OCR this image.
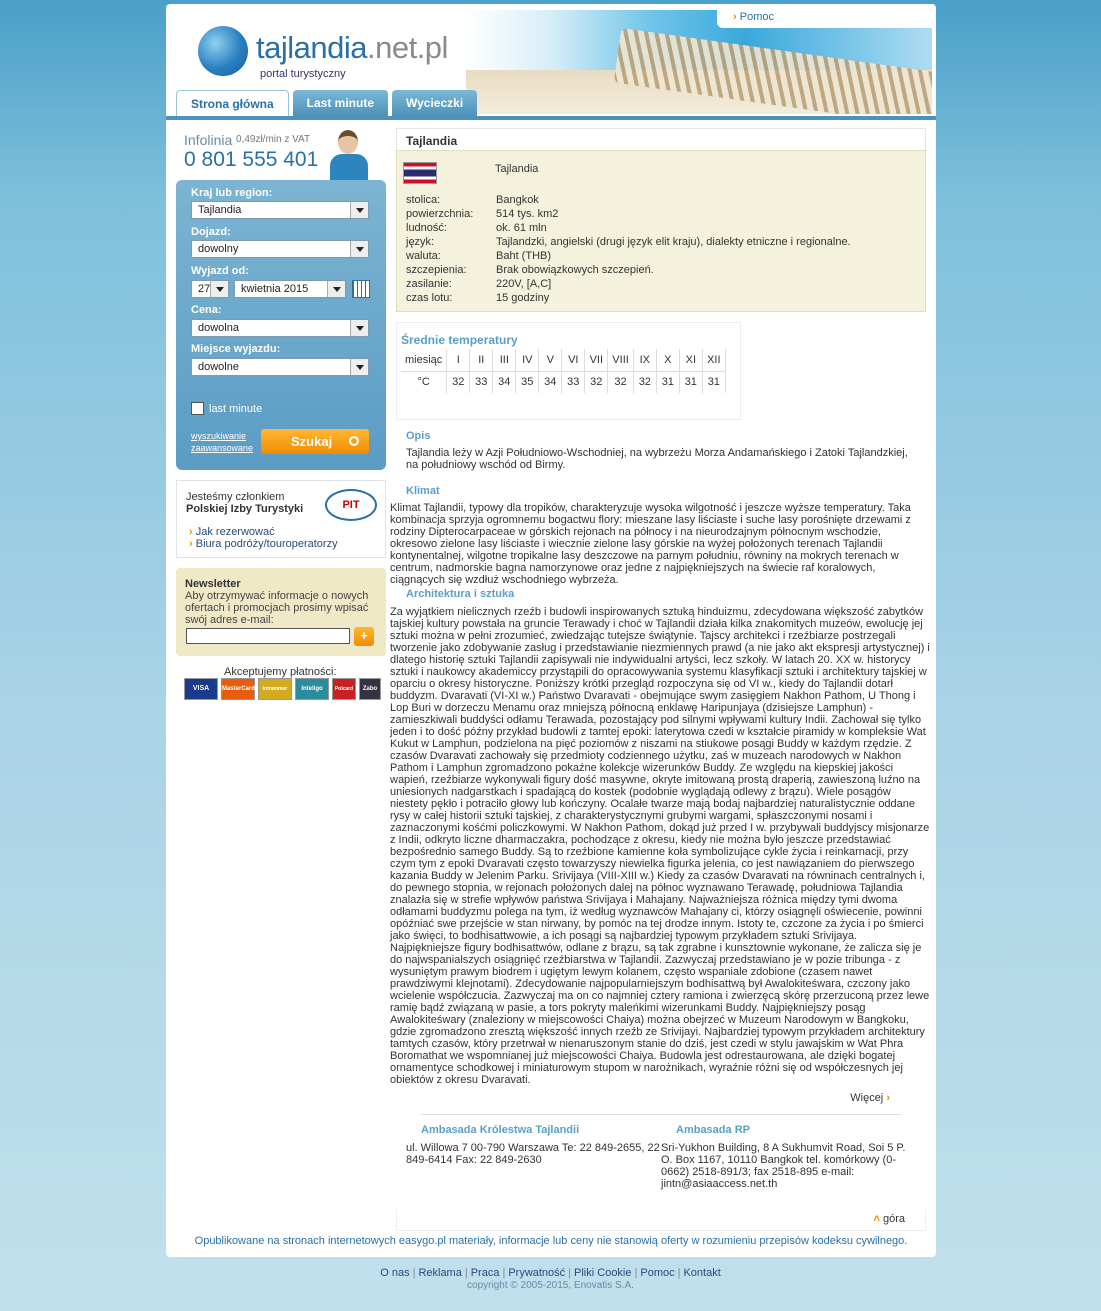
tajlandia.net.pl
portal turystyczny
› Pomoc
Strona główna	Last minute	Wycieczki
Infolinia 0,49zł/min z VAT
0 801 555 401
Kraj lub region:
Tajlandia
Dojazd:
dowolny
Wyjazd od:
27	kwietnia 2015
Cena:
dowolna
Miejsce wyjazdu:
dowolne
last minute
wyszukiwanie zaawansowane	Szukaj
Jesteśmy członkiem
Polskiej Izby Turystyki	PIT
› Jak rezerwować
› Biura podróży/touroperatorzy
Newsletter
Aby otrzymywać informacje o nowych ofertach i promocjach prosimy wpisać swój adres e-mail:
+
Akceptujemy płatności:
VISA	MasterCard	Intrammer	Inteligo	Polcard	Zabo
Tajlandia
Tajlandia
stolica:	Bangkok
powierzchnia:	514 tys. km2
ludność:	ok. 61 mln
język:	Tajlandzki, angielski (drugi język elit kraju), dialekty etniczne i regionalne.
waluta:	Baht (THB)
szczepienia:	Brak obowiązkowych szczepień.
zasilanie:	220V, [A,C]
czas lotu:	15 godziny
Średnie temperatury
miesiąc	I	II	III	IV	V	VI	VII	VIII	IX	X	XI	XII
°C	32	33	34	35	34	33	32	32	32	31	31	31
Opis
Tajlandia leży w Azji Południowo-Wschodniej, na wybrzeżu Morza Andamańskiego i Zatoki Tajlandzkiej, na południowy wschód od Birmy.
Klimat
Klimat Tajlandii, typowy dla tropików, charakteryzuje wysoka wilgotność i jeszcze wyższe temperatury. Taka kombinacja sprzyja ogromnemu bogactwu flory: mieszane lasy liściaste i suche lasy porośnięte drzewami z rodziny Dipterocarpaceae w górskich rejonach na północy i na nieurodzajnym północnym wschodzie, okresowo zielone lasy liściaste i wiecznie zielone lasy górskie na wyżej położonych terenach Tajlandii kontynentalnej, wilgotne tropikalne lasy deszczowe na parnym południu, równiny na mokrych terenach w centrum, nadmorskie bagna namorzynowe oraz jedne z najpiękniejszych na świecie raf koralowych, ciągnących się wzdłuż wschodniego wybrzeża.
Architektura i sztuka
Za wyjątkiem nielicznych rzeźb i budowli inspirowanych sztuką hinduizmu, zdecydowana większość zabytków tajskiej kultury powstała na gruncie Terawady i choć w Tajlandii działa kilka znakomitych muzeów, ewolucję jej sztuki można w pełni zrozumieć, zwiedzając tutejsze świątynie. Tajscy architekci i rzeźbiarze postrzegali tworzenie jako zdobywanie zasług i przedstawianie niezmiennych prawd (a nie jako akt ekspresji artystycznej) i dlatego historię sztuki Tajlandii zapisywali nie indywidualni artyści, lecz szkoły. W latach 20. XX w. historycy sztuki i naukowcy akademiccy przystąpili do opracowywania systemu klasyfikacji sztuki i architektury tajskiej w oparciu o okresy historyczne. Poniższy krótki przegląd rozpoczyna się od VI w., kiedy do Tajlandii dotarł buddyzm. Dvaravati (VI-XI w.) Państwo Dvaravati - obejmujące swym zasięgiem Nakhon Pathom, U Thong i Lop Buri w dorzeczu Menamu oraz mniejszą północną enklawę Haripunjaya (dzisiejsze Lamphun) - zamieszkiwali buddyści odłamu Terawada, pozostający pod silnymi wpływami kultury Indii. Zachował się tylko jeden i to dość późny przykład budowli z tamtej epoki: laterytowa czedi w kształcie piramidy w kompleksie Wat Kukut w Lamphun, podzielona na pięć poziomów z niszami na stiukowe posągi Buddy w każdym rzędzie. Z czasów Dvaravati zachowały się przedmioty codziennego użytku, zaś w muzeach narodowych w Nakhon Pathom i Lamphun zgromadzono pokaźne kolekcje wizerunków Buddy. Ze względu na kiepskiej jakości wapień, rzeźbiarze wykonywali figury dość masywne, okryte imitowaną prostą draperią, zawieszoną luźno na uniesionych nadgarstkach i spadającą do kostek (podobnie wyglądają odlewy z brązu). Wiele posągów niestety pękło i potraciło głowy lub kończyny. Ocalałe twarze mają bodaj najbardziej naturalistycznie oddane rysy w całej historii sztuki tajskiej, z charakterystycznymi grubymi wargami, spłaszczonymi nosami i zaznaczonymi kośćmi policzkowymi. W Nakhon Pathom, dokąd już przed I w. przybywali buddyjscy misjonarze z Indii, odkryto liczne dharmaczakra, pochodzące z okresu, kiedy nie można było jeszcze przedstawiać bezpośrednio samego Buddy. Są to rzeźbione kamienne koła symbolizujące cykle życia i reinkarnacji, przy czym tym z epoki Dvaravati często towarzyszy niewielka figurka jelenia, co jest nawiązaniem do pierwszego kazania Buddy w Jelenim Parku. Srivijaya (VIII-XIII w.) Kiedy za czasów Dvaravati na równinach centralnych i, do pewnego stopnia, w rejonach położonych dalej na północ wyznawano Terawadę, południowa Tajlandia znalazła się w strefie wpływów państwa Srivijaya i Mahajany. Najważniejsza różnica między tymi dwoma odłamami buddyzmu polega na tym, iż według wyznawców Mahajany ci, którzy osiągnęli oświecenie, powinni opóźniać swe przejście w stan nirwany, by pomóc na tej drodze innym. Istoty te, czczone za życia i po śmierci jako święci, to bodhisattwowie, a ich posągi są najbardziej typowym przykładem sztuki Srivijaya. Najpiękniejsze figury bodhisattwów, odlane z brązu, są tak zgrabne i kunsztownie wykonane, że zalicza się je do najwspanialszych osiągnięć rzeźbiarstwa w Tajlandii. Zazwyczaj przedstawiano je w pozie tribunga - z wysuniętym prawym biodrem i ugiętym lewym kolanem, często wspaniale zdobione (czasem nawet prawdziwymi klejnotami). Zdecydowanie najpopularniejszym bodhisattwą był Awalokiteśwara, czczony jako wcielenie współczucia. Zazwyczaj ma on co najmniej cztery ramiona i zwierzęcą skórę przerzuconą przez lewe ramię bądź związaną w pasie, a tors pokryty maleńkimi wizerunkami Buddy. Najpiękniejszy posąg Awalokiteśwary (znaleziony w miejscowości Chaiya) można obejrzeć w Muzeum Narodowym w Bangkoku, gdzie zgromadzono zresztą większość innych rzeźb ze Srivijayi. Najbardziej typowym przykładem architektury tamtych czasów, który przetrwał w nienaruszonym stanie do dziś, jest czedi w stylu jawajskim w Wat Phra Boromathat we wspomnianej już miejscowości Chaiya. Budowla jest odrestaurowana, ale dzięki bogatej ornamentyce schodkowej i miniaturowym stupom w narożnikach, wyraźnie różni się od współczesnych jej obiektów z okresu Dvaravati.
Więcej ›
Ambasada Królestwa Tajlandii
ul. Willowa 7 00-790 Warszawa Te: 22 849-2655, 22 849-6414 Fax: 22 849-2630
Ambasada RP
Sri-Yukhon Building, 8 A Sukhumvit Road, Soi 5 P. O. Box 1167, 10110 Bangkok tel. komórkowy (0-0662) 2518-891/3; fax 2518-895 e-mail: jintn@asiaaccess.net.th
˄ góra
Opublikowane na stronach internetowych easygo.pl materiały, informacje lub ceny nie stanowią oferty w rozumieniu przepisów kodeksu cywilnego.
O nas | Reklama | Praca | Prywatność | Pliki Cookie | Pomoc | Kontakt
copyright © 2005-2015, Enovatis S.A.
